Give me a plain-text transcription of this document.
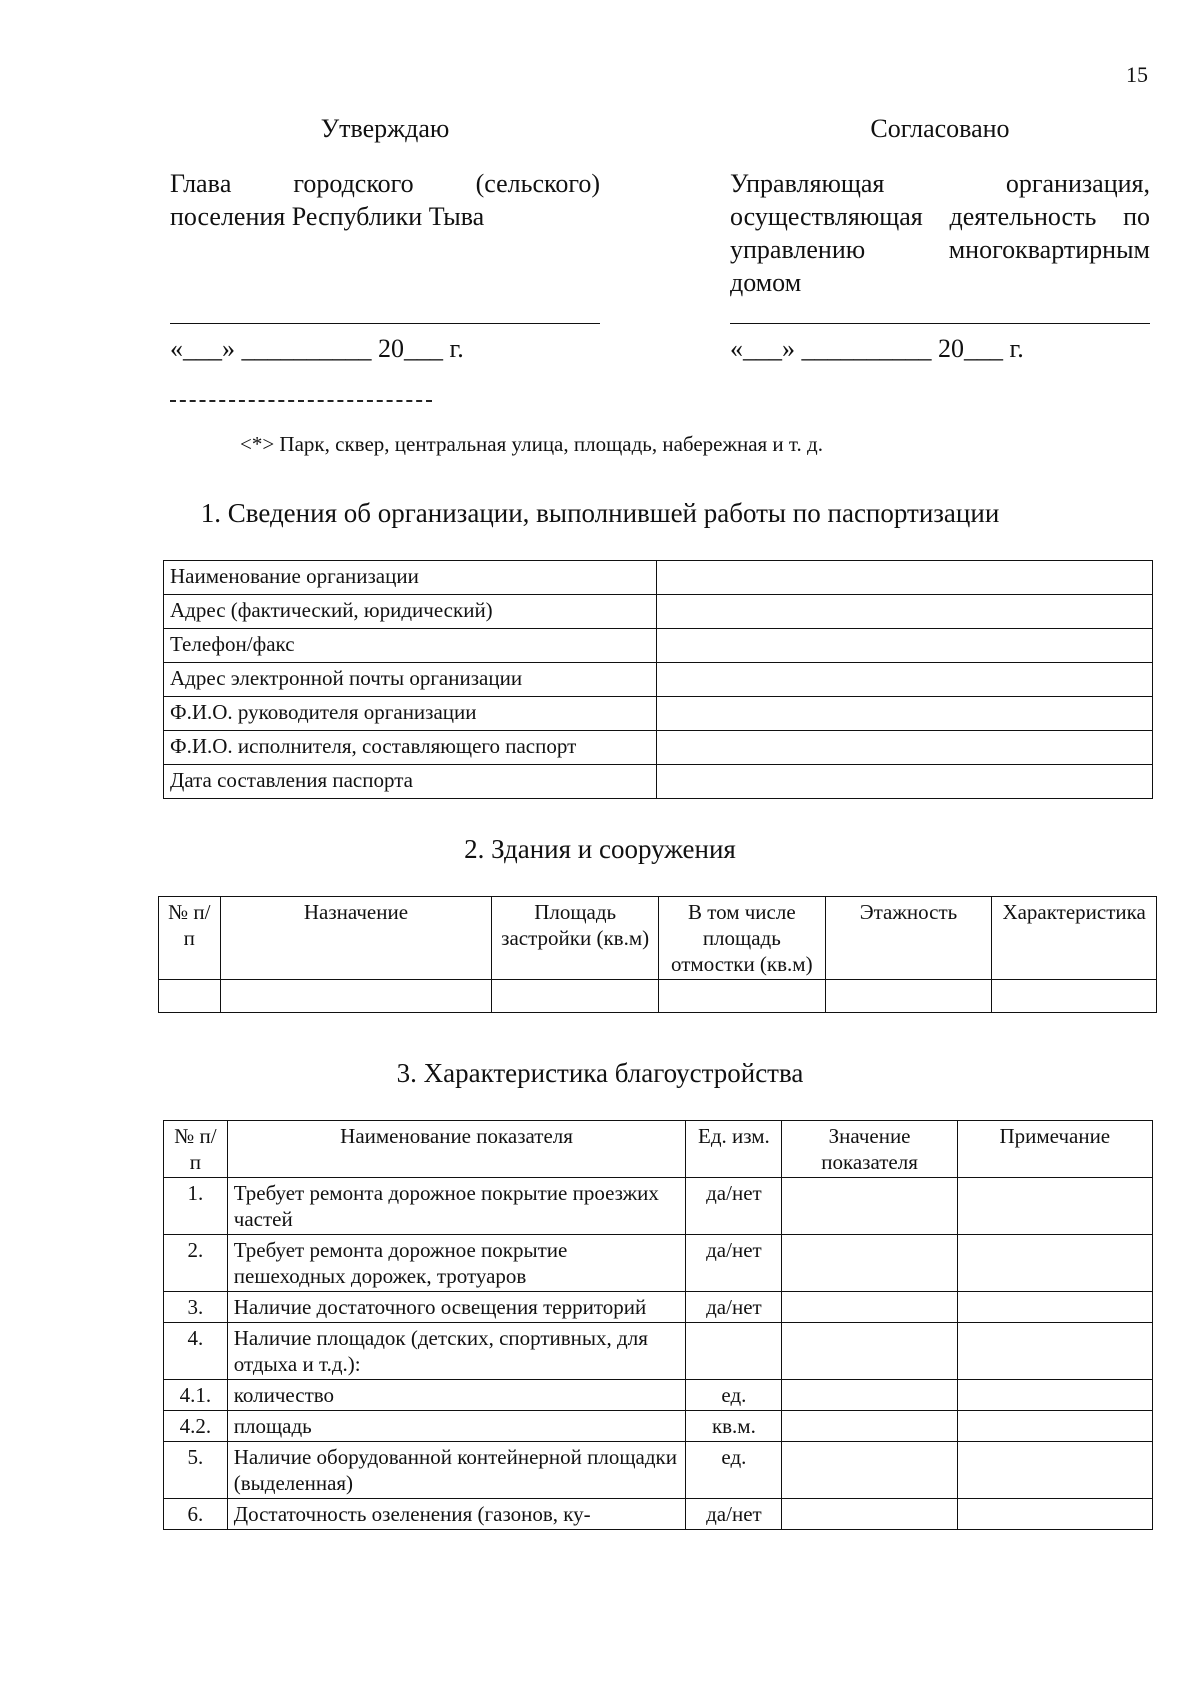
15
Утверждаю
Главa городского (сельского) поселения Республики Тыва
«___» __________ 20___ г.
Согласовано
Управляющая организация, осуществляющая деятельность по управлению многоквартирным домом
«___» __________ 20___ г.
<*> Парк, сквер, центральная улица, площадь, набережная и т. д.
1. Сведения об организации, выполнившей работы по паспортизации
Наименование организации	
Адрес (фактический, юридический)	
Телефон/факс	
Адрес электронной почты организации	
Ф.И.О. руководителя организации	
Ф.И.О. исполнителя, составляющего паспорт	
Дата составления паспорта	
2. Здания и сооружения
№ п/п	Назначение	Площадь застройки (кв.м)	В том числе площадь отмостки (кв.м)	Этажность	Характеристика

3. Характеристика благоустройства
№ п/п	Наименование показателя	Ед. изм.	Значение показателя	Примечание
1.	Требует ремонта дорожное покрытие проезжих частей	да/нет		
2.	Требует ремонта дорожное покрытие пешеходных дорожек, тротуаров	да/нет		
3.	Наличие достаточного освещения территорий	да/нет		
4.	Наличие площадок (детских, спортивных, для отдыха и т.д.):			
4.1.	количество	ед.		
4.2.	площадь	кв.м.		
5.	Наличие оборудованной контейнерной площадки (выделенная)	ед.		
6.	Достаточность озеленения (газонов, ку-	да/нет		
